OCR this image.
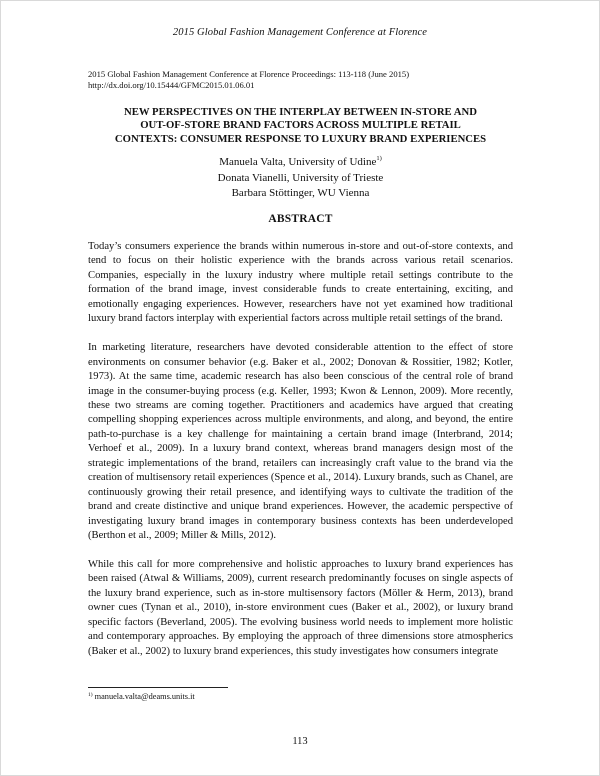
2015 Global Fashion Management Conference at Florence
2015 Global Fashion Management Conference at Florence Proceedings: 113-118 (June 2015)
http://dx.doi.org/10.15444/GFMC2015.01.06.01
NEW PERSPECTIVES ON THE INTERPLAY BETWEEN IN-STORE AND
OUT-OF-STORE BRAND FACTORS ACROSS MULTIPLE RETAIL
CONTEXTS: CONSUMER RESPONSE TO LUXURY BRAND EXPERIENCES
Manuela Valta, University of Udine$^{1)}$
Donata Vianelli, University of Trieste
Barbara Stöttinger, WU Vienna
ABSTRACT

Today’s consumers experience the brands within numerous in-store and out-of-store contexts, and tend to focus on their holistic experience with the brands across various retail scenarios. Companies, especially in the luxury industry where multiple retail settings contribute to the formation of the brand image, invest considerable funds to create entertaining, exciting, and emotionally engaging experiences. However, researchers have not yet examined how traditional luxury brand factors interplay with experiential factors across multiple retail settings of the brand.

In marketing literature, researchers have devoted considerable attention to the effect of store environments on consumer behavior (e.g. Baker et al., 2002; Donovan & Rossitier, 1982; Kotler, 1973). At the same time, academic research has also been conscious of the central role of brand image in the consumer-buying process (e.g. Keller, 1993; Kwon & Lennon, 2009). More recently, these two streams are coming together. Practitioners and academics have argued that creating compelling shopping experiences across multiple environments, and along, and beyond, the entire path-to-purchase is a key challenge for maintaining a certain brand image (Interbrand, 2014; Verhoef et al., 2009). In a luxury brand context, whereas brand managers design most of the strategic implementations of the brand, retailers can increasingly craft value to the brand via the creation of multisensory retail experiences (Spence et al., 2014). Luxury brands, such as Chanel, are continuously growing their retail presence, and identifying ways to cultivate the tradition of the brand and create distinctive and unique brand experiences. However, the academic perspective of investigating luxury brand images in contemporary business contexts has been underdeveloped (Berthon et al., 2009; Miller & Mills, 2012).

While this call for more comprehensive and holistic approaches to luxury brand experiences has been raised (Atwal & Williams, 2009), current research predominantly focuses on single aspects of the luxury brand experience, such as in-store multisensory factors (Möller & Herm, 2013), brand owner cues (Tynan et al., 2010), in-store environment cues (Baker et al., 2002), or luxury brand specific factors (Beverland, 2005). The evolving business world needs to implement more holistic and contemporary approaches. By employing the approach of three dimensions store atmospherics (Baker et al., 2002) to luxury brand experiences, this study investigates how consumers integrate

$^{1)}$ manuela.valta@deams.units.it
113
